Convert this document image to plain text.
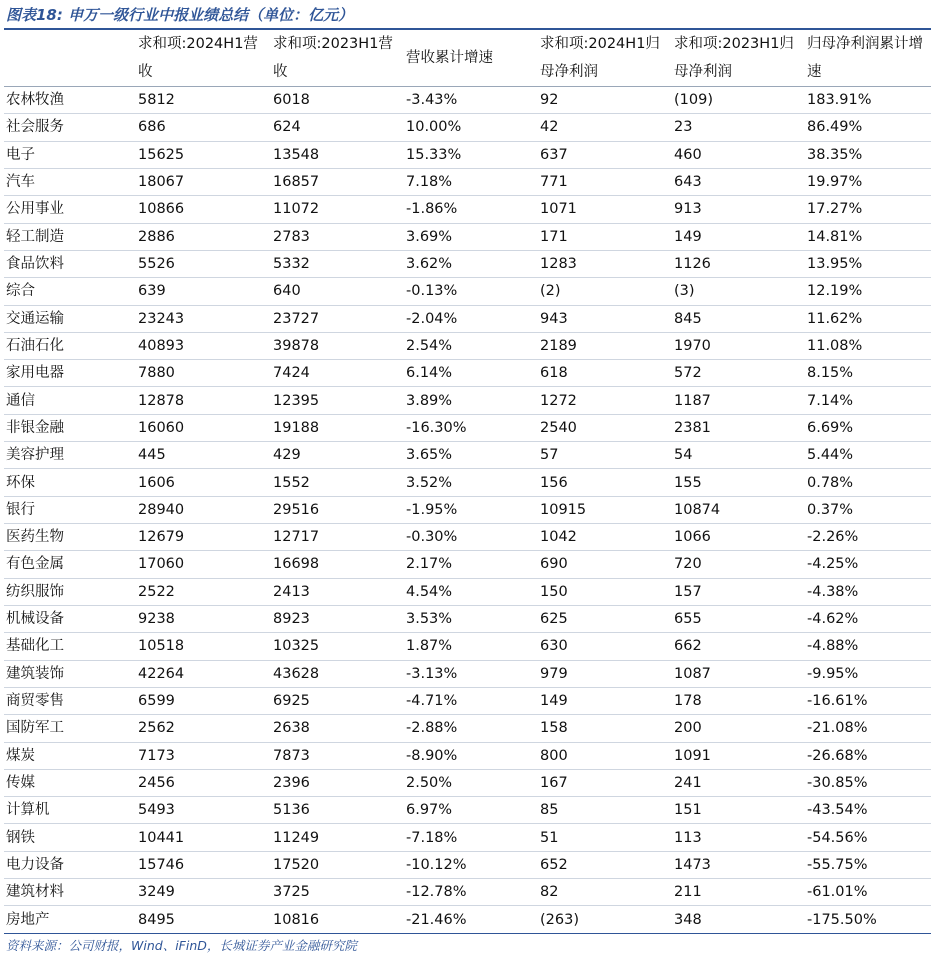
图表18: 申万一级行业中报业绩总结（单位：亿元）
	求和项:2024H1营收	求和项:2023H1营收	营收累计增速	求和项:2024H1归母净利润	求和项:2023H1归母净利润	归母净利润累计增速
农林牧渔	5812	6018	-3.43%	92	(109)	183.91%
社会服务	686	624	10.00%	42	23	86.49%
电子	15625	13548	15.33%	637	460	38.35%
汽车	18067	16857	7.18%	771	643	19.97%
公用事业	10866	11072	-1.86%	1071	913	17.27%
轻工制造	2886	2783	3.69%	171	149	14.81%
食品饮料	5526	5332	3.62%	1283	1126	13.95%
综合	639	640	-0.13%	(2)	(3)	12.19%
交通运输	23243	23727	-2.04%	943	845	11.62%
石油石化	40893	39878	2.54%	2189	1970	11.08%
家用电器	7880	7424	6.14%	618	572	8.15%
通信	12878	12395	3.89%	1272	1187	7.14%
非银金融	16060	19188	-16.30%	2540	2381	6.69%
美容护理	445	429	3.65%	57	54	5.44%
环保	1606	1552	3.52%	156	155	0.78%
银行	28940	29516	-1.95%	10915	10874	0.37%
医药生物	12679	12717	-0.30%	1042	1066	-2.26%
有色金属	17060	16698	2.17%	690	720	-4.25%
纺织服饰	2522	2413	4.54%	150	157	-4.38%
机械设备	9238	8923	3.53%	625	655	-4.62%
基础化工	10518	10325	1.87%	630	662	-4.88%
建筑装饰	42264	43628	-3.13%	979	1087	-9.95%
商贸零售	6599	6925	-4.71%	149	178	-16.61%
国防军工	2562	2638	-2.88%	158	200	-21.08%
煤炭	7173	7873	-8.90%	800	1091	-26.68%
传媒	2456	2396	2.50%	167	241	-30.85%
计算机	5493	5136	6.97%	85	151	-43.54%
钢铁	10441	11249	-7.18%	51	113	-54.56%
电力设备	15746	17520	-10.12%	652	1473	-55.75%
建筑材料	3249	3725	-12.78%	82	211	-61.01%
房地产	8495	10816	-21.46%	(263)	348	-175.50%
资料来源：公司财报，Wind、iFinD，长城证券产业金融研究院
